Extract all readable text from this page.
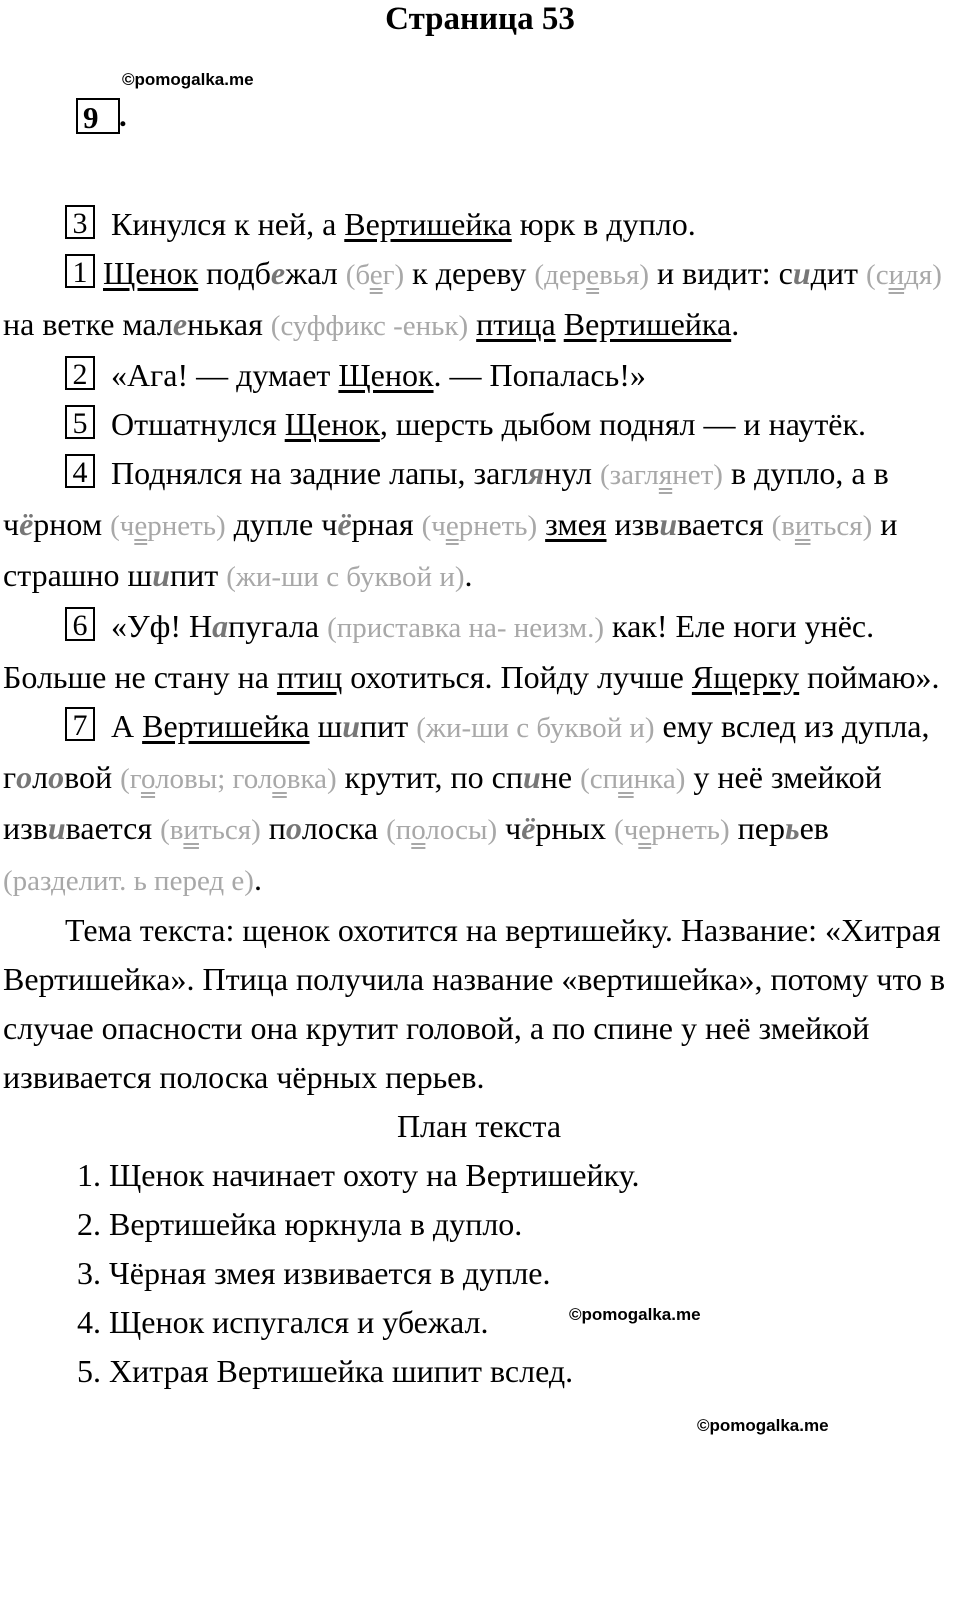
Страница 53
©pomogalka.me
©pomogalka.me
©pomogalka.me
9 .

3 Кинулся к ней, а Вертишейка юрк в дупло.

1 Щенок подбежал (бег) к дереву (деревья) и видит: сидит (сидя) на ветке маленькая (суффикс -еньк) птица Вертишейка.

2 «Ага! — думает Щенок. — Попалась!»

5 Отшатнулся Щенок, шерсть дыбом поднял — и наутёк.

4 Поднялся на задние лапы, заглянул (заглянет) в дупло, а в чёрном (чернеть) дупле чёрная (чернеть) змея извивается (виться) и страшно шипит (жи-ши с буквой и).

6 «Уф! Напугала (приставка на- неизм.) как! Еле ноги унёс. Больше не стану на птиц охотиться. Пойду лучше Ящерку поймаю».

7 А Вертишейка шипит (жи-ши с буквой и) ему вслед из дупла, головой (головы; головка) крутит, по спине (спинка) у неё змейкой извивается (виться) полоска (полосы) чёрных (чернеть) перьев (разделит. ь перед е).

Тема текста: щенок охотится на вертишейку. Название: «Хитрая Вертишейка». Птица получила название «вертишейка», потому что в случае опасности она крутит головой, а по спине у неё змейкой извивается полоска чёрных перьев.

План текста

1. Щенок начинает охоту на Вертишейку.

2. Вертишейка юркнула в дупло.

3. Чёрная змея извивается в дупле.

4. Щенок испугался и убежал.

5. Хитрая Вертишейка шипит вслед.
